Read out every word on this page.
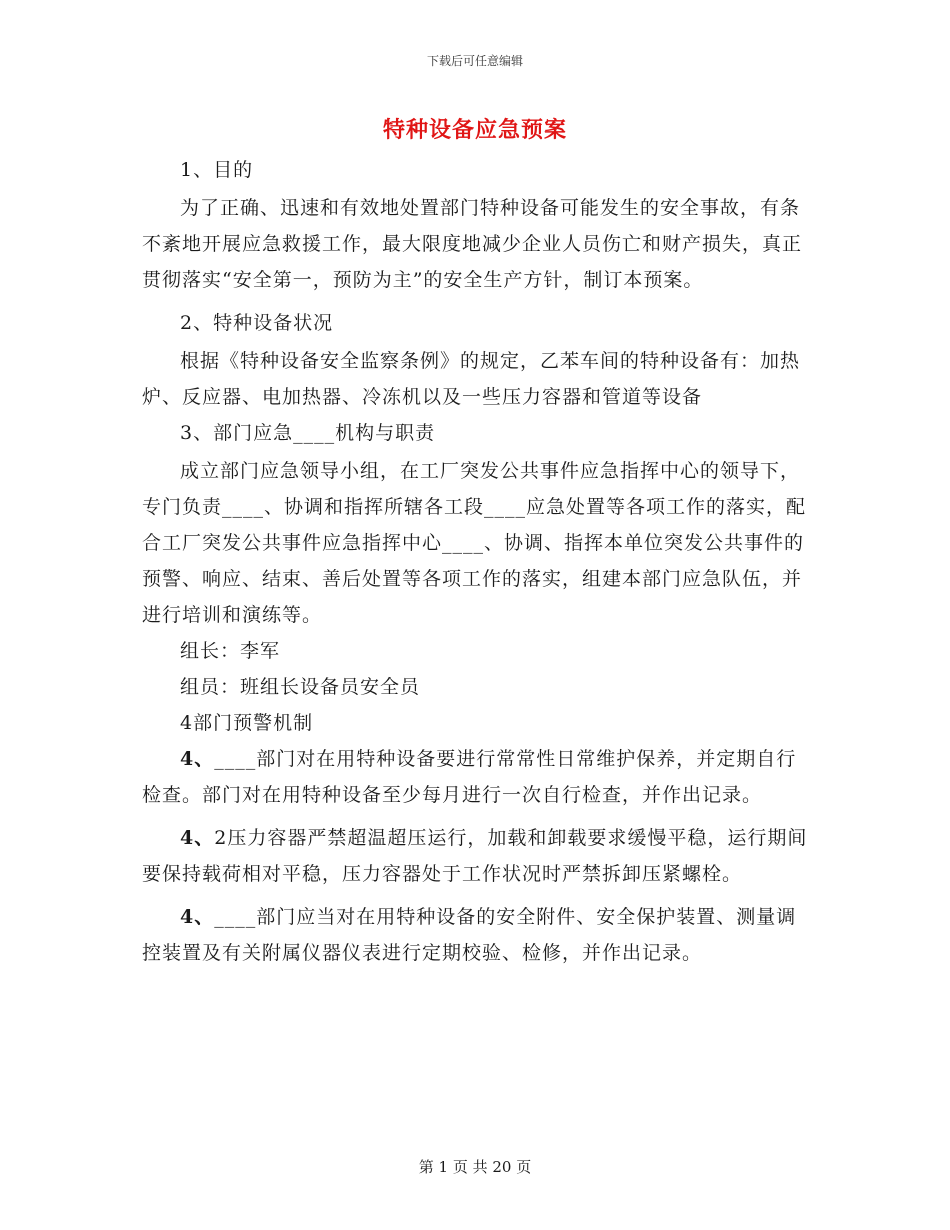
下载后可任意编辑
特种设备应急预案

1、目的

为了正确、迅速和有效地处置部门特种设备可能发生的安全事故，有条不紊地开展应急救援工作，最大限度地减少企业人员伤亡和财产损失，真正贯彻落实“安全第一，预防为主”的安全生产方针，制订本预案。

2、特种设备状况

根据《特种设备安全监察条例》的规定，乙苯车间的特种设备有：加热炉、反应器、电加热器、冷冻机以及一些压力容器和管道等设备

3、部门应急____机构与职责

成立部门应急领导小组，在工厂突发公共事件应急指挥中心的领导下，专门负责____、协调和指挥所辖各工段____应急处置等各项工作的落实，配合工厂突发公共事件应急指挥中心____、协调、指挥本单位突发公共事件的预警、响应、结束、善后处置等各项工作的落实，组建本部门应急队伍，并进行培训和演练等。

组长：李军

组员：班组长设备员安全员

4部门预警机制

4、____部门对在用特种设备要进行常常性日常维护保养，并定期自行检查。部门对在用特种设备至少每月进行一次自行检查，并作出记录。

4、2压力容器严禁超温超压运行，加载和卸载要求缓慢平稳，运行期间要保持载荷相对平稳，压力容器处于工作状况时严禁拆卸压紧螺栓。

4、____部门应当对在用特种设备的安全附件、安全保护装置、测量调控装置及有关附属仪器仪表进行定期校验、检修，并作出记录。

第 1 页 共 20 页
